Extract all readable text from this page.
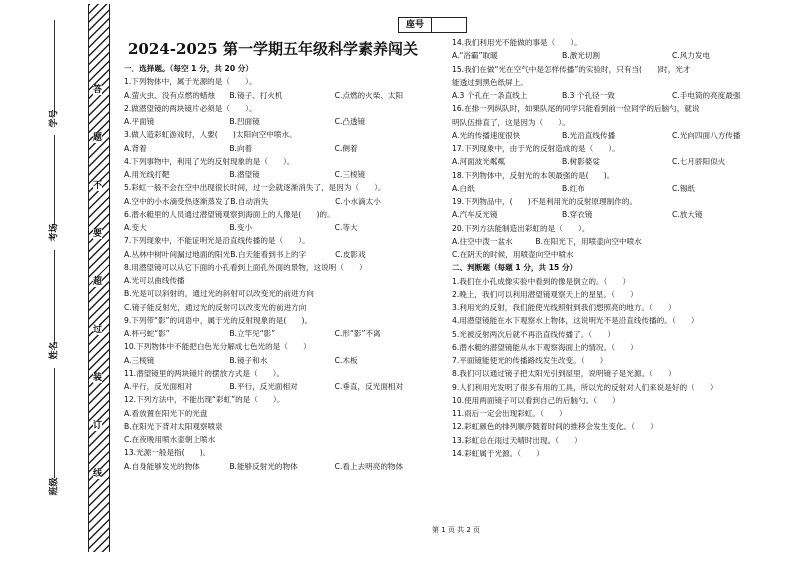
学号
考场
姓名
班级
答
题
不
要
超
过
装
订
线
座号
2024-2025 第一学期五年级科学素养闯关
一．选择题。（每空 1 分，共 20 分）
1.下列物体中，属于光源的是（　　）。
A.萤火虫、没有点燃的蜡烛	B.镜子、打火机	C.点燃的火柴、太阳
2.做潜望镜的两块镜片必须是（　　）。
A.平面镜	B.凹面镜	C.凸透镜
3.做人造彩虹游戏时，人要(　　)太阳向空中喷水。
A.背着	B.向着	C.侧着
4.下列事物中，利用了光的反射现象的是（　　）。
A.用光线打靶	B.潜望镜	C.三棱镜
5.彩虹一般不会在空中出现很长时间，过一会就逐渐消失了，是因为（　　）。
A.空中的小水滴受热逐渐蒸发了 B.自动消失	C.小水滴太小
6.潜水艇里的人员通过潜望镜观察到海面上的人像是(　　)的。
A.变大	B.变小	C.等大
7.下列现象中，不能证明光是沿直线传播的是（　　）。
A.丛林中树叶间漏过地面的阳光 B.白天能看到书上的字	C.皮影戏
8.用潜望镜可以从它下面的小孔看到上面孔外面的景物，这说明（　　）
A.光可以曲线传播
B.光是可以斜射的，通过光的斜射可以改变光的前进方向
C.镜子能反射光，通过光的反射可以改变光的前进方向
9.下列带“影”的词语中，属于光的反射现象的是(　　)。
A.杯弓蛇“影”	B.立竿见“影”	C.形“影”不离
10.下列物体中不能把白色光分解成七色光的是（　　）
A.三棱镜	B.镜子和水	C.木板
11.潜望镜里的两块镜片的摆放方式是（　　）。
A.平行，反光面相对	B.平行，反光面相对	C.垂直，反光面相对
12.下列方法中，不能出现“彩虹”的是（　　）。
A.看放置在阳光下的光盘
B.在阳光下背对太阳观察喷泉
C.在夜晚用喷水壶朝上喷水
13.光源一般是指(　　)。
A.自身能够发光的物体	B.能够反射光的物体	C.看上去明亮的物体
14.我们利用光不能做的事是（　　）。
A.“浴霸”取暖	B.激光切割	C.风力发电
15.我们在做“光在空气中是怎样传播”的实验时，只有当(　　)时，光才
能透过到黑色纸屏上。
A.3 个孔在一条直线上	B.3 个孔径一致	C.手电筒的亮度最强
16.在排一列纵队时，如果队尾的同学只能看到前一位同学的后脑勺，就说
明队伍排直了，这是因为（　　）。
A.光的传播速度很快	B.光沿直线传播	C.光向四面八方传播
17.下列现象中，由于光的反射造成的是（　　）。
A.河面波光粼粼	B.树影婆娑	C.七月骄阳似火
18.下列物体中，反射光的本领最强的是(　　)。
A.白纸	B.红布	C.锡纸
19.下列物品中，(　　)不是利用光的反射原理制作的。
A.汽车反光镜	B.穿衣镜	C.放大镜
20.下列方法能制造出彩虹的是（　　）。
A.往空中泼一盆水　　　B.在阳光下，用喷壶向空中喷水
C.在阴天的时候，用喷壶向空中喷水
二、判断题（每题 1 分，共 15 分）
1.我们在小孔成像实验中看到的像是倒立的。（　　）
2.晚上，我们可以利用潜望镜观察天上的星星。（　　）
3.利用光的反射，我们能使光线照射到我们想照亮的地方。（　　）
4.用潜望镜能在水下观察水上物体，这说明光不是沿直线传播的。（　　）
5.光被反射两次后就不再沿直线传播了。（　　）
6.潜水艇的潜望镜能从水下观察海面上的情况。（　　）
7.平面镜能使光的传播路线发生改变。（　　）
8.我们可以通过镜子把太阳光引到屋里，说明镜子是光源。（　　）
9.人们利用光发明了很多有用的工具，所以光的反射对人们来说是好的（　　）
10.使用两面镜子可以看到自己的后脑勺。（　　）
11.雨后一定会出现彩虹。（　　）
12.彩虹颜色的排列顺序随着时间的推移会发生变化。（　　）
13.彩虹总在雨过天晴时出现。（　　）
14.彩虹属于光源。（　　）
第 1 页 共 2 页
